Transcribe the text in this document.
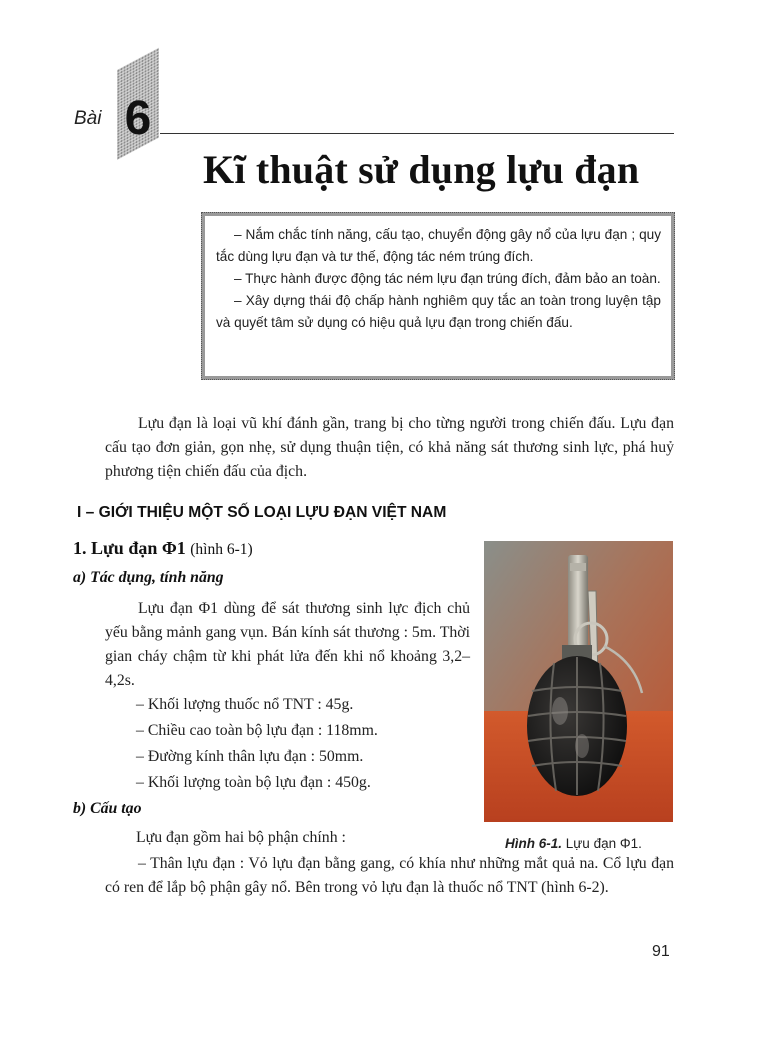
Bài 6
Kĩ thuật sử dụng lựu đạn
– Nắm chắc tính năng, cấu tạo, chuyển động gây nổ của lựu đạn ; quy tắc dùng lựu đạn và tư thế, động tác ném trúng đích.
– Thực hành được động tác ném lựu đạn trúng đích, đảm bảo an toàn.
– Xây dựng thái độ chấp hành nghiêm quy tắc an toàn trong luyện tập và quyết tâm sử dụng có hiệu quả lựu đạn trong chiến đấu.
Lựu đạn là loại vũ khí đánh gần, trang bị cho từng người trong chiến đấu. Lựu đạn cấu tạo đơn giản, gọn nhẹ, sử dụng thuận tiện, có khả năng sát thương sinh lực, phá huỷ phương tiện chiến đấu của địch.
I – GIỚI THIỆU MỘT SỐ LOẠI LỰU ĐẠN VIỆT NAM
1. Lựu đạn Φ1 (hình 6-1)
a) Tác dụng, tính năng
Lựu đạn Φ1 dùng để sát thương sinh lực địch chủ yếu bằng mảnh gang vụn. Bán kính sát thương : 5m. Thời gian cháy chậm từ khi phát lửa đến khi nổ khoảng 3,2– 4,2s.
– Khối lượng thuốc nổ TNT : 45g.
– Chiều cao toàn bộ lựu đạn : 118mm.
– Đường kính thân lựu đạn : 50mm.
– Khối lượng toàn bộ lựu đạn : 450g.
b) Cấu tạo
Lựu đạn gồm hai bộ phận chính :
– Thân lựu đạn : Vỏ lựu đạn bằng gang, có khía như những mắt quả na. Cổ lựu đạn có ren để lắp bộ phận gây nổ. Bên trong vỏ lựu đạn là thuốc nổ TNT (hình 6-2).
Hình 6-1. Lựu đạn Φ1.
91
